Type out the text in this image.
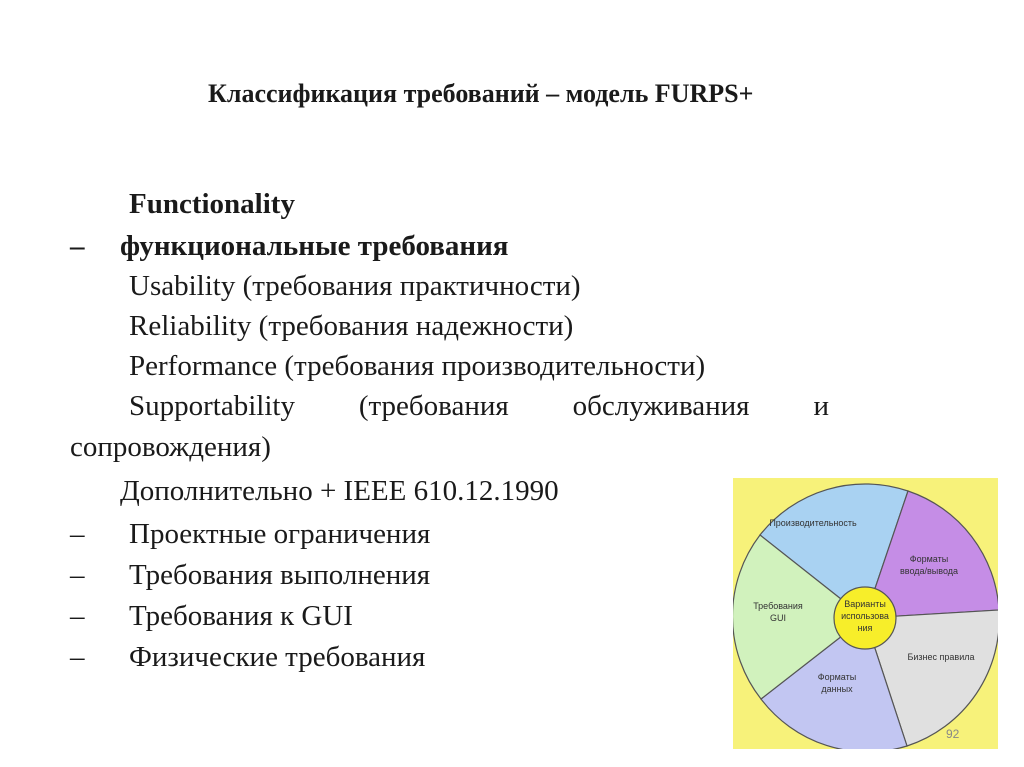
Классификация требований – модель FURPS+
Functionality
– функциональные требования
Usability (требования практичности)
Reliability (требования надежности)
Performance (требования производительности)
Supportability (требования обслуживания и
сопровождения)
Дополнительно + IEEE 610.12.1990
– Проектные ограничения
– Требования выполнения
– Требования к GUI
– Физические требования
Производительность
Форматы
ввода/вывода
Бизнес правила
Форматы
данных
Требования
GUI
Варианты
использова
ния
92
